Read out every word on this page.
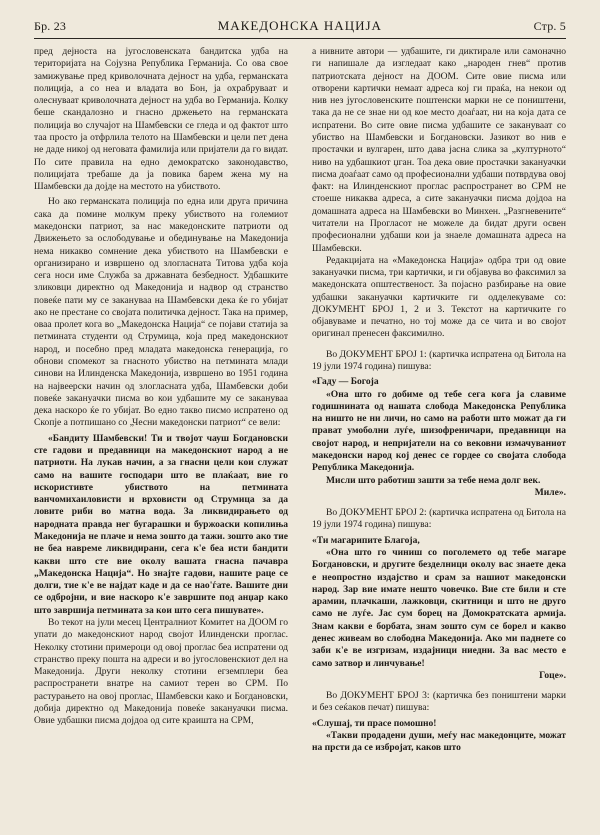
Бр. 23	МАКЕДОНСКА НАЦИЈА	Стр. 5

пред дејноста на југословенската бандитска удба на територијата на Сојузна Република Германија. Со ова свое замижување пред криволочната дејност на удба, германската полиција, а со неа и владата во Бон, ја охрабруваат и олеснуваат криволочната дејност на удба во Германија. Колку беше скандалозно и гнасно држењето на германската полиција во случајот на Шамбевски се гледа и од фактот што таа просто ја отфрлила телото на Шамбевски и цели пет дена не даде никој од неговата фамилија или пријатели да го видат. По сите правила на едно демократско законодавство, полицијата требаше да ја повика барем жена му на Шамбевски да дојде на местото на убиството.

Но ако германската полиција по една или друга причина сака да помине молкум преку убиството на големиот македонски патриот, за нас македонските патриоти од Движењето за ослободување и обединување на Македонија нема никакво сомнение дека убиството на Шамбевски е организирано и извршено од злогласната Титова удба која сега носи име Служба за државната безбедност. Удбашките зликовци директно од Македонија и надвор од странство повеќе пати му се закануваа на Шамбевски дека ќе го убијат ако не престане со својата политичка дејност. Така на пример, оваа пролет кога во „Македонска Нација“ се појави статија за петмината студенти од Струмица, која пред македонскиот народ, и посебно пред младата македонска генерација, го обнови спомекот за гнасното убиство на петмината млади синови на Илинденска Македонија, извршено во 1951 година на највеерски начин од злогласната удба, Шамбевски доби повеќе закануачки писма во кои удбашите му се закануваа дека наскоро ќе го убијат. Во едно такво писмо испратено од Скопје а потпишано со „Чесни македонски патриот“ се вели:

«Бандиту Шамбевски! Ти и твојот чауш Богдановски сте гадови и предавници на македонскиот народ а не патриоти. На лукав начин, а за гнасни цели кои служат само на вашите господари што ве плаќаат, вие го искористивте убиството на петмината ванчомихаиловисти и врховисти од Струмица за да ловите риби во матна вода. За ликвидирањето од народната правда нег бугарашки и буржоаски копилиња Македонија не плаче и нема зошто да тажи. зошто ако тие не беа навреме ликвидирани, сега к'е беа исти бандити какви што сте вие околу вашата гнасна пачавра „Македонска Нација“. Но знајте гадови, нашите раце се долги, тие к'е ве најдат каде и да се нао'ѓате. Вашите дни се одбројни, и вие наскоро к'е завршите под анџар како што завршија петмината за кои што сега пишувате».

Во текот на јули месец Централниот Комитет на ДООМ го упати до македонскиот народ својот Илинденски проглас. Неколку стотини примероци од овој проглас беа испратени од странство преку пошта на адреси и во југословенскиот дел на Македонија. Други неколку стотини егземплери беа распространети внатре на самиот терен во СРМ. По растурањето на овој проглас, Шамбевски како и Богдановски, добија директно од Македонија повеќе закануачки писма. Овие удбашки писма дојдоа од сите краишта на СРМ,

а нивните автори — удбашите, ги диктирале или самоначно ги напишале да изгледаат како „народен гнев“ против патриотската дејност на ДООМ. Сите овие писма или отворени картички немаат адреса кој ги праќа, на некои од нив нез југословенските поштенски марки не се поништени, така да не се знае ни од кое место доаѓаат, ни на која дата се испратени. Во сите овие писма удбашите се закануваат со убиство на Шамбевски и Богдановски. Јазикот во нив е простачки и вулгарен, што дава јасна слика за „културното“ ниво на удбашкиот џган. Тоа дека овие простачки закануачки писма доаѓаат само од професионални удбаши потврдува овој факт: на Илинденскиот проглас распространет во СРМ не стоеше никаква адреса, а сите закануачки писма дојдоа на домашната адреса на Шамбевски во Минхен. „Разгневените“ читатели на Прогласот не можеле да бидат други освен професионални удбаши кои ја знаеле домашната адреса на Шамбевски.

Редакцијата на «Македонска Нација» одбра три од овие закануачки писма, три картички, и ги објавува во факсимил за македонската општественост. За појасно разбирање на овие удбашки закануачки картичките ги одделекуваме со: ДОКУМЕНТ БРОЈ 1, 2 и 3. Текстот на картичките го објавуваме и печатно, но тој може да се чита и во својот оригинал пренесен факсимилно.

Во ДОКУМЕНТ БРОЈ 1: (картичка испратена од Битола на 19 јули 1974 година) пишува:

«Гаду — Богоја

«Она што го добиме од тебе сега кога ја славиме годишнината од нашата слобода Македонска Република на ништо не ни личи, но само на работи што можат да ги прават умоболни луѓе, шизофреничари, предавници на својот народ, и непријатели на со вековни измачуваниот македонски народ кој денес се гордее со својата слобода Република Македонија.

Мисли што работиш зашти за тебе нема долг век.

Миле».

Во ДОКУМЕНТ БРОЈ 2: (картичка испратена од Битола на 19 јули 1974 година) пишува:

«Ти магарипите Благоја,

«Она што го чиниш со поголемето од тебе магаре Богдановски, и другите безделници околу вас знаете дека е неопростно издајство и срам за нашиот македонски народ. Зар вие имате нешто човечко. Вие сте били и сте арамии, плачкаши, лажковци, скитници и што не друго само не луѓе. Јас сум борец на Домократската армија. Знам какви е борбата, знам зошто сум се борел и какво денес живеам во слободна Македонија. Ако ми паднете со заби к'е ве изгризам, издајници ниедни. За вас место е само затвор и линчување!

Гоце».

Во ДОКУМЕНТ БРОЈ 3: (картичка без поништени марки и без сеќаков печат) пишува:

«Слушај, ти прасе помошно!

«Такви продадени души, меѓу нас македонците, можат на прсти да се избројат, каков што
